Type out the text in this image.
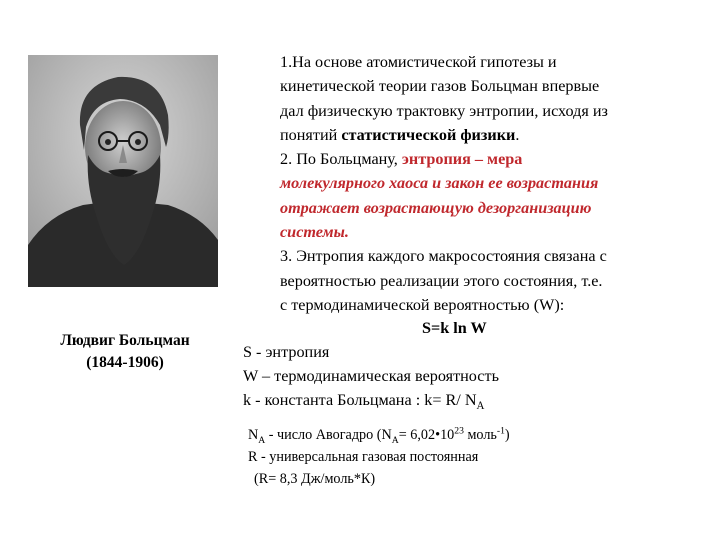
Людвиг Больцман
(1844-1906)
1.На основе атомистической гипотезы и
кинетической теории газов Больцман впервые
дал физическую трактовку энтропии, исходя из
понятий статистической физики.
2. По Больцману, энтропия – мера
молекулярного хаоса и закон ее возрастания
отражает возрастающую дезорганизацию
системы.
3. Энтропия каждого макросостояния связана с
вероятностью реализации этого состояния, т.е.
с термодинамической вероятностью (W):
S=k ln W
S - энтропия
W – термодинамическая вероятность
k - константа Больцмана : k= R/ $N_A$
$N_A$ - число Авогадро ($N_A=$ $6,02•10^{23}$ моль$^{-1}$)
R - универсальная газовая постоянная
(R= 8,3 Дж/моль*К)
